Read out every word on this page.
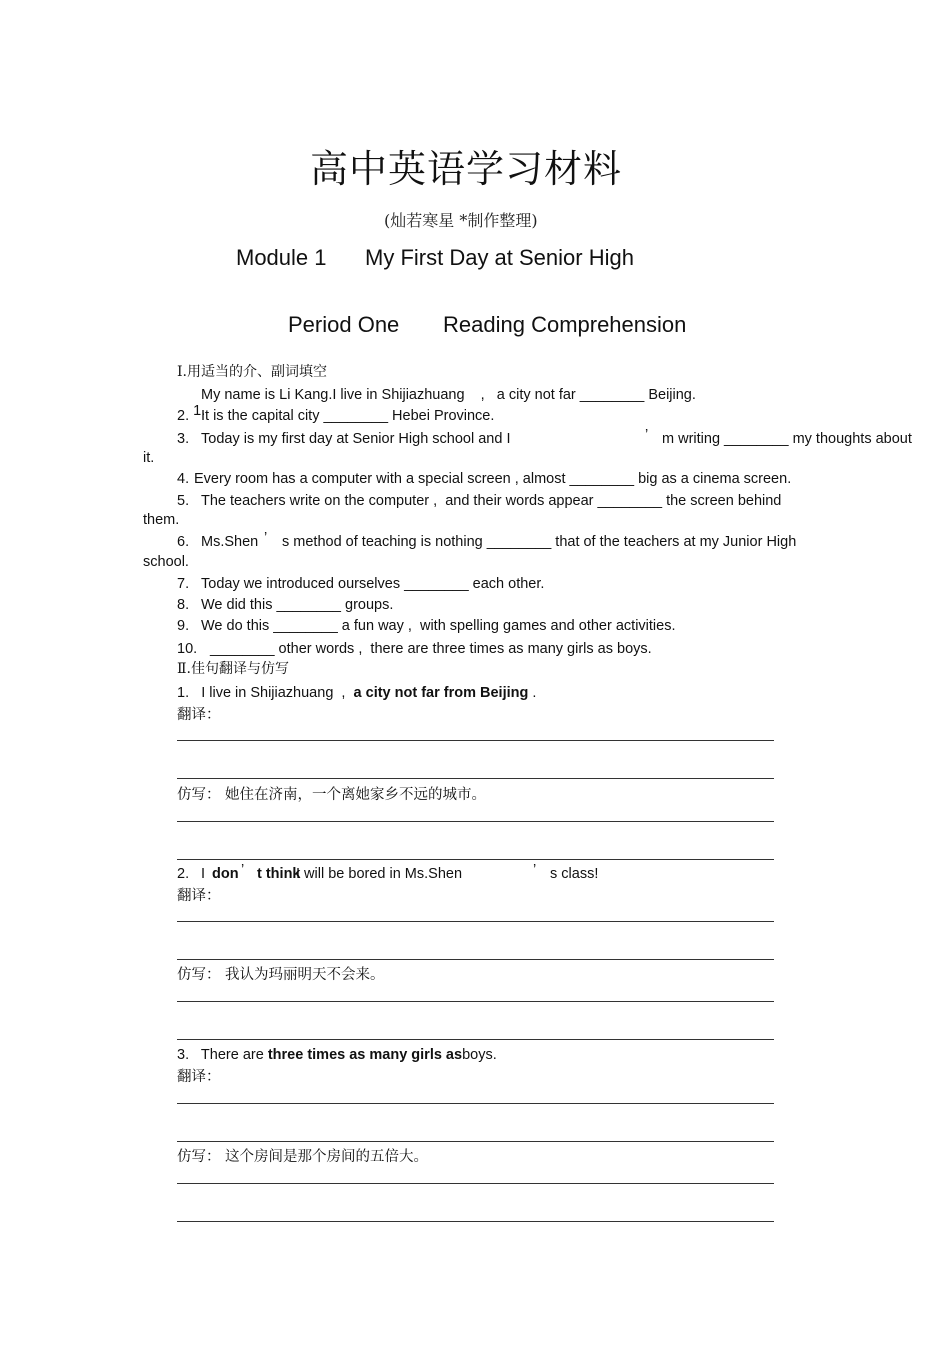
高中英语学习材料
(灿若寒星 *制作整理)
Module 1 My First Day at Senior High
Period One Reading Comprehension
Ⅰ.用适当的介、副词填空

1.

My name is Li Kang.I live in Shijiazhuang    ,   a city not far ________ Beijing.
2. It is the capital city ________ Hebei Province.
3. Today is my first day at Senior High school and I	’ m writing ________ my thoughts about
it.
4. Every room has a computer with a special screen , almost ________ big as a cinema screen.
5. The teachers write on the computer ,  and their words appear ________ the screen behind
them.
6. Ms.Shen ’ s method of teaching is nothing ________ that of the teachers at my Junior High
school.
7. Today we introduced ourselves ________ each other.
8. We did this ________ groups.
9. We do this ________ a fun way ,  with spelling games and other activities.
10. ________ other words ,  there are three times as many girls as boys.
Ⅱ.佳句翻译与仿写
1. I live in Shijiazhuang  ,  a city not far from Beijing .
翻译：
仿写： 她住在济南，一个离她家乡不远的城市。
2. I don ’ t think
I will be bored in Ms.Shen	’ s class!
翻译：
仿写： 我认为玛丽明天不会来。
3. There are three times as many girls asboys.
翻译：
仿写： 这个房间是那个房间的五倍大。
